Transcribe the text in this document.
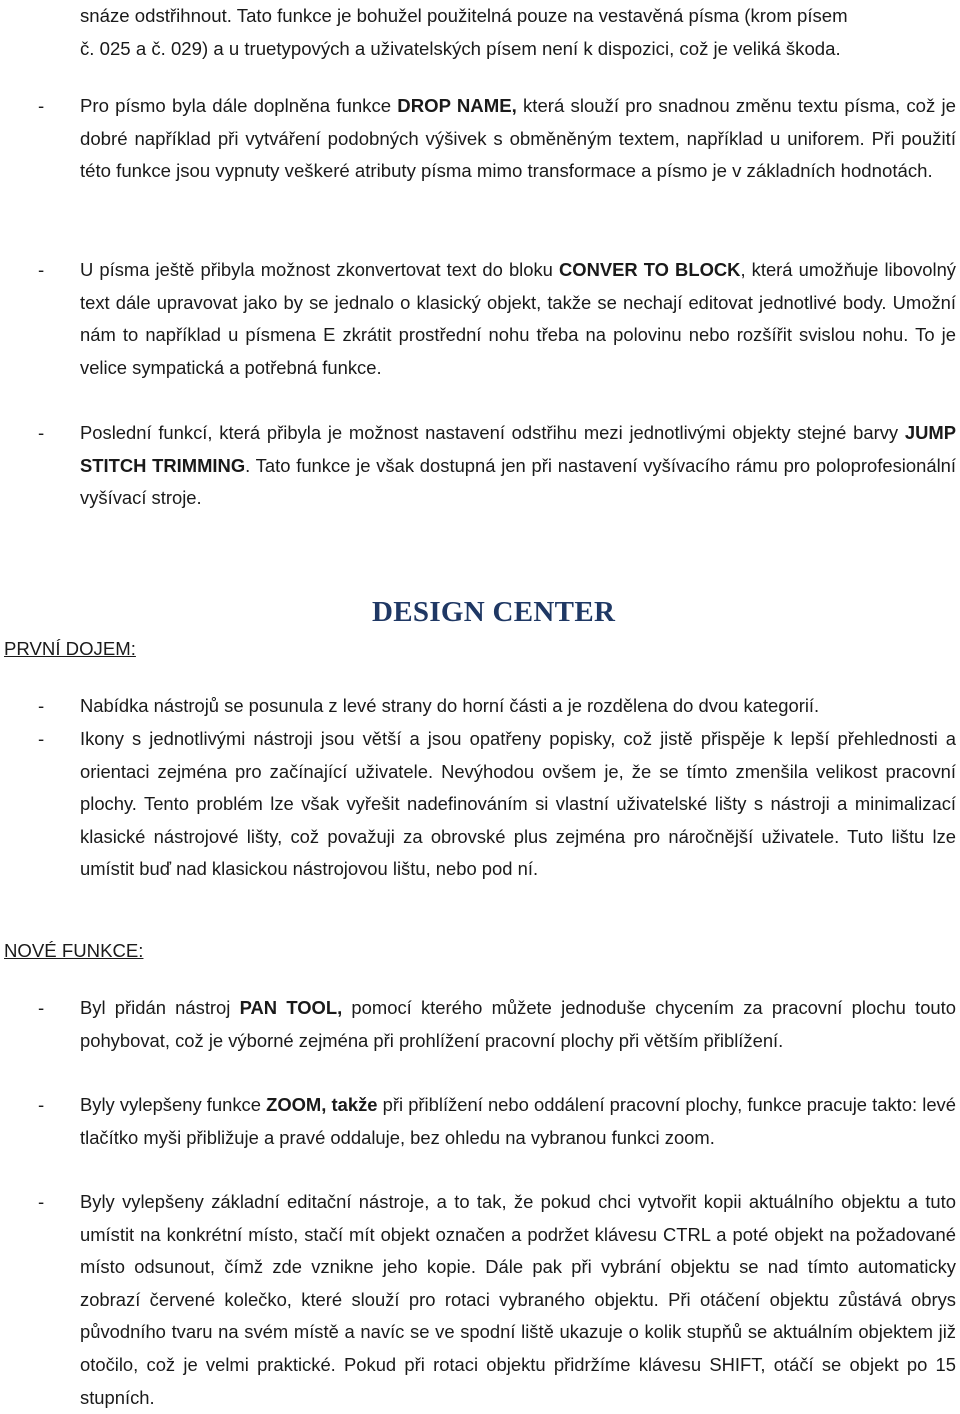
snáze odstřihnout. Tato funkce je bohužel použitelná pouze na vestavěná písma (krom písem
č. 025 a č. 029) a u truetypových a uživatelských písem není k dispozici, což je veliká škoda.

- Pro písmo byla dále doplněna funkce DROP NAME, která slouží pro snadnou změnu textu písma, což je dobré například při vytváření podobných výšivek s obměněným textem, například u uniforem. Při použití této funkce jsou vypnuty veškeré atributy písma mimo transformace a písmo je v základních hodnotách.

- U písma ještě přibyla možnost zkonvertovat text do bloku CONVER TO BLOCK, která umožňuje libovolný text dále upravovat jako by se jednalo o klasický objekt, takže se nechají editovat jednotlivé body. Umožní nám to například u písmena E zkrátit prostřední nohu třeba na polovinu nebo rozšířit svislou nohu. To je velice sympatická a potřebná funkce.

- Poslední funkcí, která přibyla je možnost nastavení odstřihu mezi jednotlivými objekty stejné barvy JUMP STITCH TRIMMING. Tato funkce je však dostupná jen při nastavení vyšívacího rámu pro poloprofesionální vyšívací stroje.

DESIGN CENTER
PRVNÍ DOJEM:
- Nabídka nástrojů se posunula z levé strany do horní části a je rozdělena do dvou kategorií.

- Ikony s jednotlivými nástroji jsou větší a jsou opatřeny popisky, což jistě přispěje k lepší přehlednosti a orientaci zejména pro začínající uživatele. Nevýhodou ovšem je, že se tímto zmenšila velikost pracovní plochy. Tento problém lze však vyřešit nadefinováním si vlastní uživatelské lišty s nástroji a minimalizací klasické nástrojové lišty, což považuji za obrovské plus zejména pro náročnější uživatele. Tuto lištu lze umístit buď nad klasickou nástrojovou lištu, nebo pod ní.

NOVÉ FUNKCE:
- Byl přidán nástroj PAN TOOL, pomocí kterého můžete jednoduše chycením za pracovní plochu touto pohybovat, což je výborné zejména při prohlížení pracovní plochy při větším přiblížení.

- Byly vylepšeny funkce ZOOM, takže při přiblížení nebo oddálení pracovní plochy, funkce pracuje takto: levé tlačítko myši přibližuje a pravé oddaluje, bez ohledu na vybranou funkci zoom.

- Byly vylepšeny základní editační nástroje, a to tak, že pokud chci vytvořit kopii aktuálního objektu a tuto umístit na konkrétní místo, stačí mít objekt označen a podržet klávesu CTRL a poté objekt na požadované místo odsunout, čímž zde vznikne jeho kopie. Dále pak při vybrání objektu se nad tímto automaticky zobrazí červené kolečko, které slouží pro rotaci vybraného objektu. Při otáčení objektu zůstává obrys původního tvaru na svém místě a navíc se ve spodní liště ukazuje o kolik stupňů se aktuálním objektem již otočilo, což je velmi praktické. Pokud při rotaci objektu přidržíme klávesu SHIFT, otáčí se objekt po 15 stupních.
